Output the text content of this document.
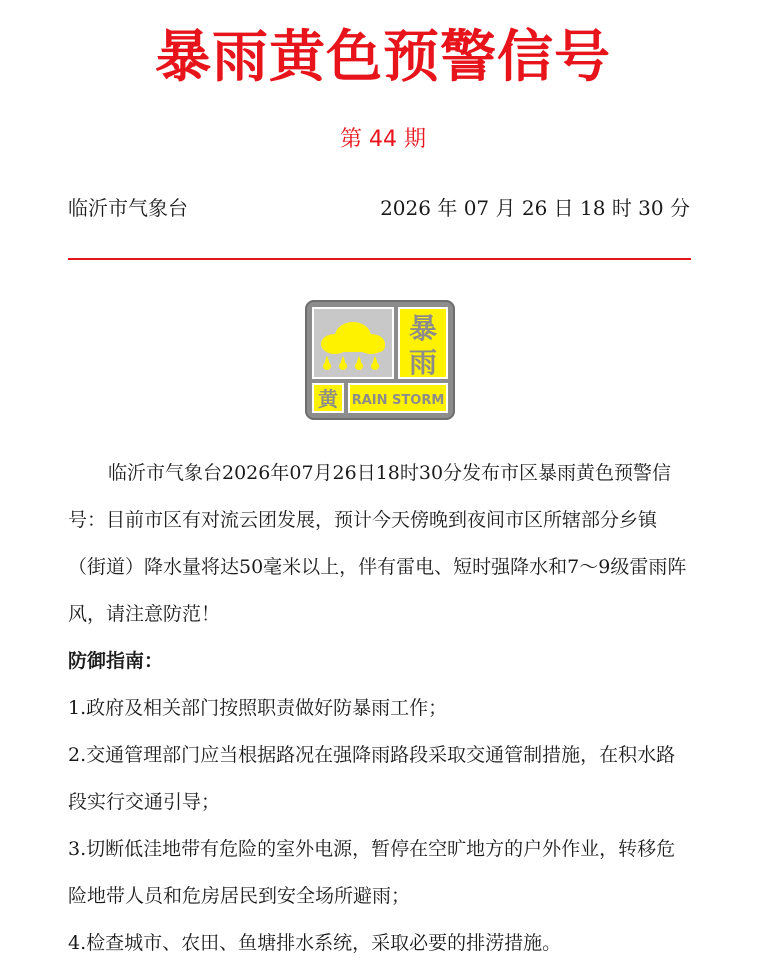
暴雨黄色预警信号
第 44 期
临沂市气象台	2026 年 07 月 26 日 18 时 30 分
暴
雨
黄 RAIN STORM

临沂市气象台2026年07月26日18时30分发布市区暴雨黄色预警信号：目前市区有对流云团发展，预计今天傍晚到夜间市区所辖部分乡镇（街道）降水量将达50毫米以上，伴有雷电、短时强降水和7～9级雷雨阵风，请注意防范！

防御指南：

1.政府及相关部门按照职责做好防暴雨工作；

2.交通管理部门应当根据路况在强降雨路段采取交通管制措施，在积水路段实行交通引导；

3.切断低洼地带有危险的室外电源，暂停在空旷地方的户外作业，转移危险地带人员和危房居民到安全场所避雨；

4.检查城市、农田、鱼塘排水系统，采取必要的排涝措施。
